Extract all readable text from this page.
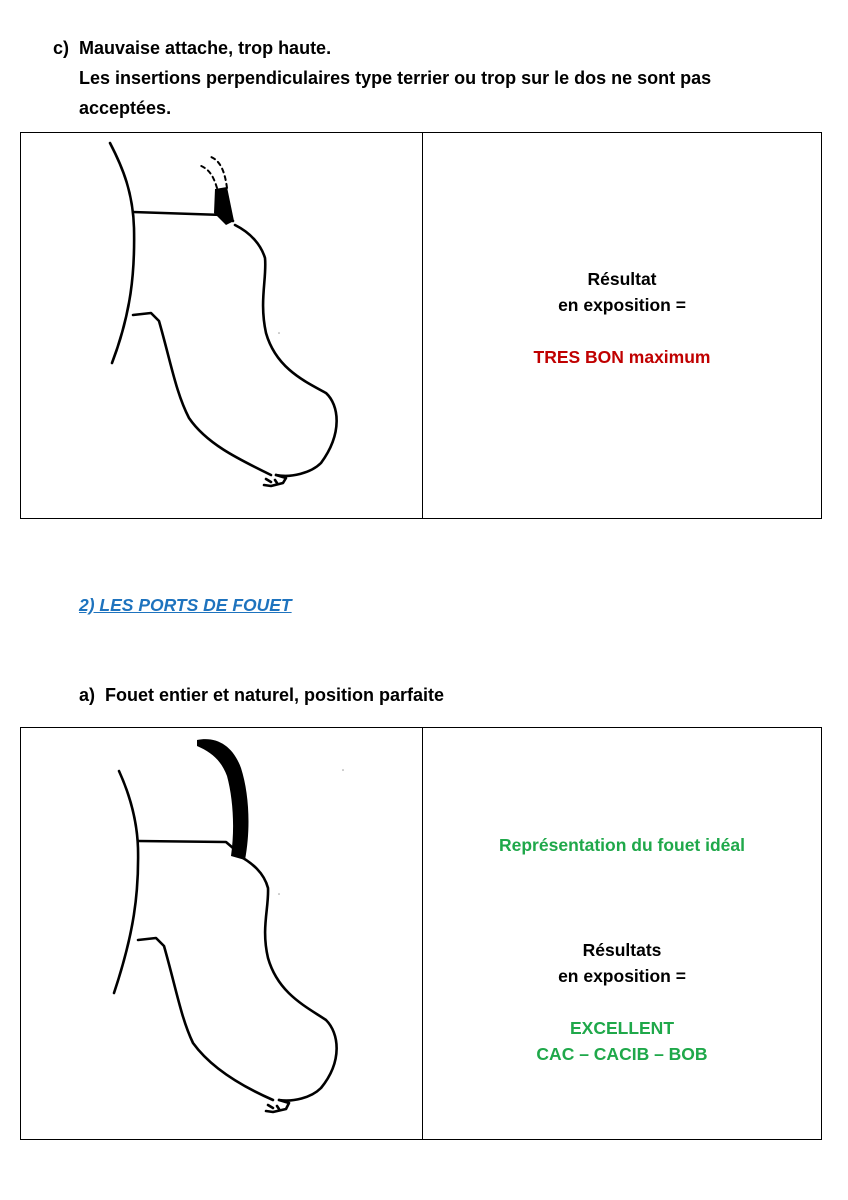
c) Mauvaise attache, trop haute.
Les insertions perpendiculaires type terrier ou trop sur le dos ne sont pas
acceptées.
Résultat
en exposition =
TRES BON maximum
2) LES PORTS DE FOUET
a) Fouet entier et naturel, position parfaite
Représentation du fouet idéal
Résultats
en exposition =
EXCELLENT
CAC – CACIB – BOB
